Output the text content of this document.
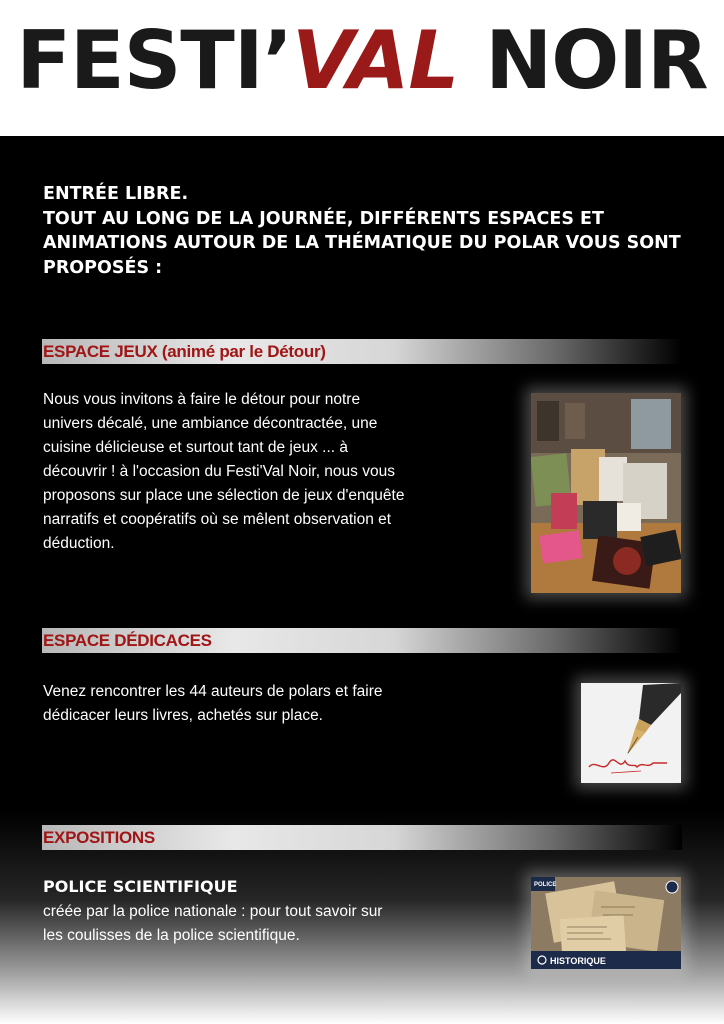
FESTI’VAL NOIR
ENTRÉE LIBRE.
TOUT AU LONG DE LA JOURNÉE, DIFFÉRENTS ESPACES ET
ANIMATIONS AUTOUR DE LA THÉMATIQUE DU POLAR VOUS SONT
PROPOSÉS :
ESPACE JEUX (animé par le Détour)
Nous vous invitons à faire le détour pour notre
univers décalé, une ambiance décontractée, une
cuisine délicieuse et surtout tant de jeux ... à
découvrir ! à l'occasion du Festi'Val Noir, nous vous
proposons sur place une sélection de jeux d'enquête
narratifs et coopératifs où se mêlent observation et
déduction.
ESPACE DÉDICACES
Venez rencontrer les 44 auteurs de polars et faire
dédicacer leurs livres, achetés sur place.
EXPOSITIONS
POLICE SCIENTIFIQUE
créée par la police nationale : pour tout savoir sur
les coulisses de la police scientifique.
POLICE
HISTORIQUE
